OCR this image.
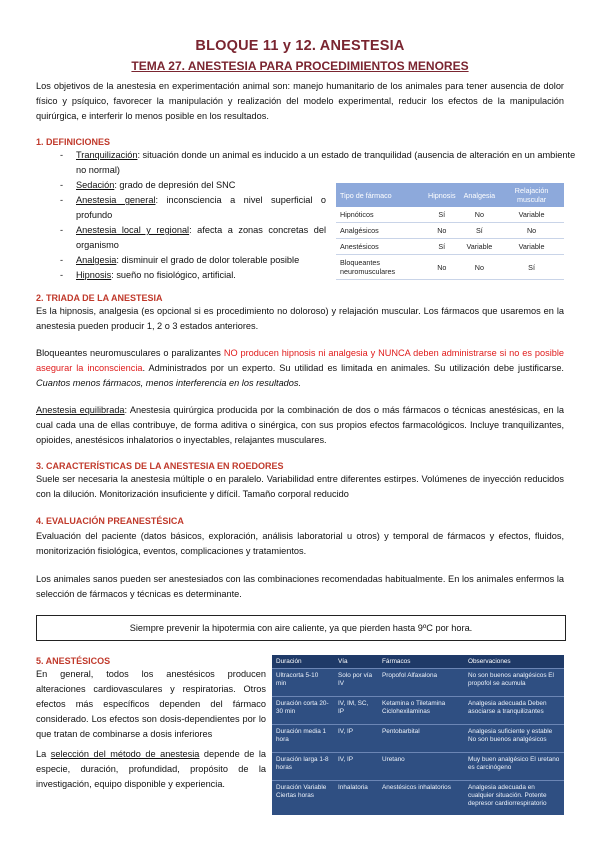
BLOQUE 11 y 12. ANESTESIA
TEMA 27. ANESTESIA PARA PROCEDIMIENTOS MENORES
Los objetivos de la anestesia en experimentación animal son: manejo humanitario de los animales para tener ausencia de dolor físico y psíquico, favorecer la manipulación y realización del modelo experimental, reducir los efectos de la manipulación quirúrgica, e interferir lo menos posible en los resultados.
1. DEFINICIONES
- Tranquilización: situación donde un animal es inducido a un estado de tranquilidad (ausencia de alteración en un ambiente no normal)
- Sedación: grado de depresión del SNC
- Anestesia general: inconsciencia a nivel superficial o profundo
- Anestesia local y regional: afecta a zonas concretas del organismo
- Analgesia: disminuir el grado de dolor tolerable posible
- Hipnosis: sueño no fisiológico, artificial.
Tipo de fármaco	Hipnosis	Analgesia	Relajación muscular
Hipnóticos	Sí	No	Variable
Analgésicos	No	Sí	No
Anestésicos	Sí	Variable	Variable
Bloqueantes neuromusculares	No	No	Sí
2. TRIADA DE LA ANESTESIA
Es la hipnosis, analgesia (es opcional si es procedimiento no doloroso) y relajación muscular. Los fármacos que usaremos en la anestesia pueden producir 1, 2 o 3 estados anteriores.
Bloqueantes neuromusculares o paralizantes NO producen hipnosis ni analgesia y NUNCA deben administrarse si no es posible asegurar la inconsciencia. Administrados por un experto. Su utilidad es limitada en animales. Su utilización debe justificarse. Cuantos menos fármacos, menos interferencia en los resultados.
Anestesia equilibrada: Anestesia quirúrgica producida por la combinación de dos o más fármacos o técnicas anestésicas, en la cual cada una de ellas contribuye, de forma aditiva o sinérgica, con sus propios efectos farmacológicos. Incluye tranquilizantes, opioides, anestésicos inhalatorios o inyectables, relajantes musculares.
3. CARACTERÍSTICAS DE LA ANESTESIA EN ROEDORES
Suele ser necesaria la anestesia múltiple o en paralelo. Variabilidad entre diferentes estirpes. Volúmenes de inyección reducidos con la dilución. Monitorización insuficiente y difícil. Tamaño corporal reducido
4. EVALUACIÓN PREANESTÉSICA
Evaluación del paciente (datos básicos, exploración, análisis laboratorial u otros) y temporal de fármacos y efectos, fluidos, monitorización fisiológica, eventos, complicaciones y tratamientos.
Los animales sanos pueden ser anestesiados con las combinaciones recomendadas habitualmente. En los animales enfermos la selección de fármacos y técnicas es determinante.
Siempre prevenir la hipotermia con aire caliente, ya que pierden hasta 9ºC por hora.
5. ANESTÉSICOS
En general, todos los anestésicos producen alteraciones cardiovasculares y respiratorias. Otros efectos más específicos dependen del fármaco considerado. Los efectos son dosis-dependientes por lo que tratan de combinarse a dosis inferiores
La selección del método de anestesia depende de la especie, duración, profundidad, propósito de la investigación, equipo disponible y experiencia.
Duración	Vía	Fármacos	Observaciones
Ultracorta 5-10 min	Solo por vía IV	Propofol Alfaxalona	No son buenos analgésicos El propofol se acumula
Duración corta 20-30 min	IV, IM, SC, IP	Ketamina o Tiletamina Ciclohexilaminas	Analgesia adecuada Deben asociarse a tranquilizantes
Duración media 1 hora	IV, IP	Pentobarbital	Analgesia suficiente y estable No son buenos analgésicos
Duración larga 1-8 horas	IV, IP	Uretano	Muy buen analgésico El uretano es carcinógeno
Duración Variable Ciertas horas	Inhalatoria	Anestésicos inhalatorios	Analgesia adecuada en cualquier situación. Potente depresor cardiorrespiratorio
